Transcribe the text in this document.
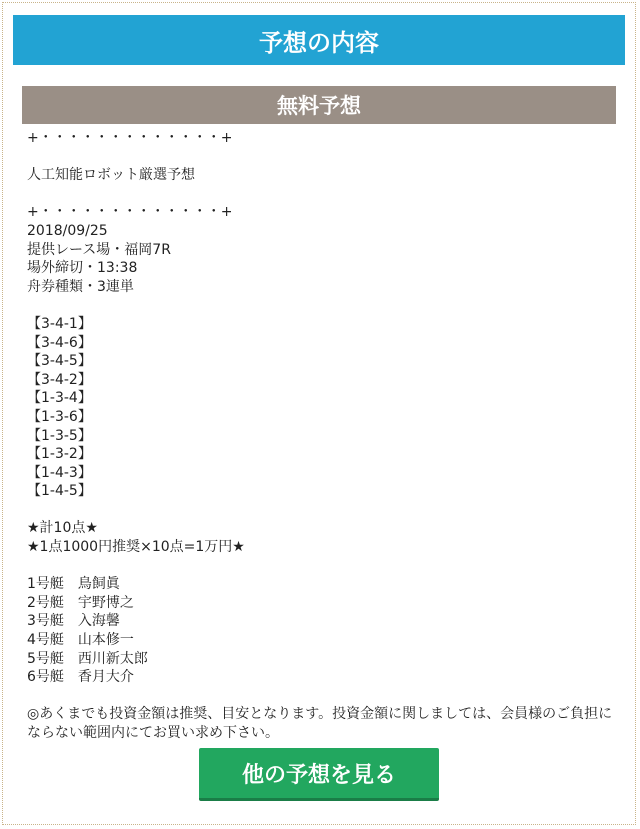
予想の内容
無料予想
+・・・・・・・・・・・・・+
人工知能ロボット厳選予想
+・・・・・・・・・・・・・+
2018/09/25
提供レース場・福岡7R
場外締切・13:38
舟券種類・3連単
【3-4-1】
【3-4-6】
【3-4-5】
【3-4-2】
【1-3-4】
【1-3-6】
【1-3-5】
【1-3-2】
【1-4-3】
【1-4-5】
★計10点★
★1点1000円推奨×10点=1万円★
1号艇　鳥飼眞
2号艇　宇野博之
3号艇　入海馨
4号艇　山本修一
5号艇　西川新太郎
6号艇　香月大介
◎あくまでも投資金額は推奨、目安となります。投資金額に関しましては、会員様のご負担にならない範囲内にてお買い求め下さい。
他の予想を見る
